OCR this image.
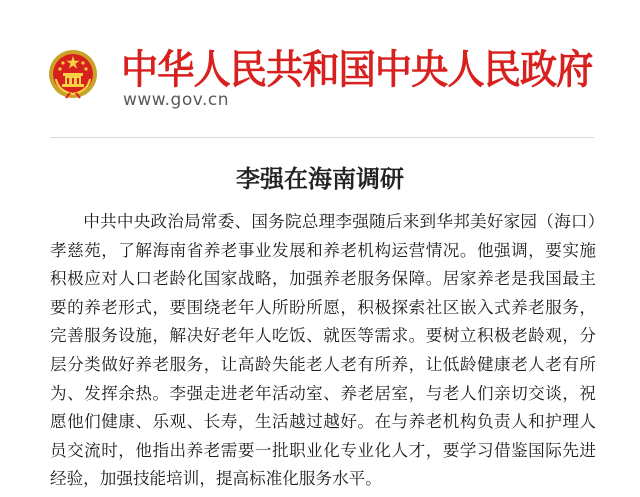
中华人民共和国中央人民政府
www.gov.cn
李强在海南调研

中共中央政治局常委、国务院总理李强随后来到华邦美好家园（海口）孝慈苑，了解海南省养老事业发展和养老机构运营情况。他强调，要实施积极应对人口老龄化国家战略，加强养老服务保障。居家养老是我国最主要的养老形式，要围绕老年人所盼所愿，积极探索社区嵌入式养老服务，完善服务设施，解决好老年人吃饭、就医等需求。要树立积极老龄观，分层分类做好养老服务，让高龄失能老人老有所养，让低龄健康老人老有所为、发挥余热。李强走进老年活动室、养老居室，与老人们亲切交谈，祝愿他们健康、乐观、长寿，生活越过越好。在与养老机构负责人和护理人员交流时，他指出养老需要一批职业化专业化人才，要学习借鉴国际先进经验，加强技能培训，提高标准化服务水平。
